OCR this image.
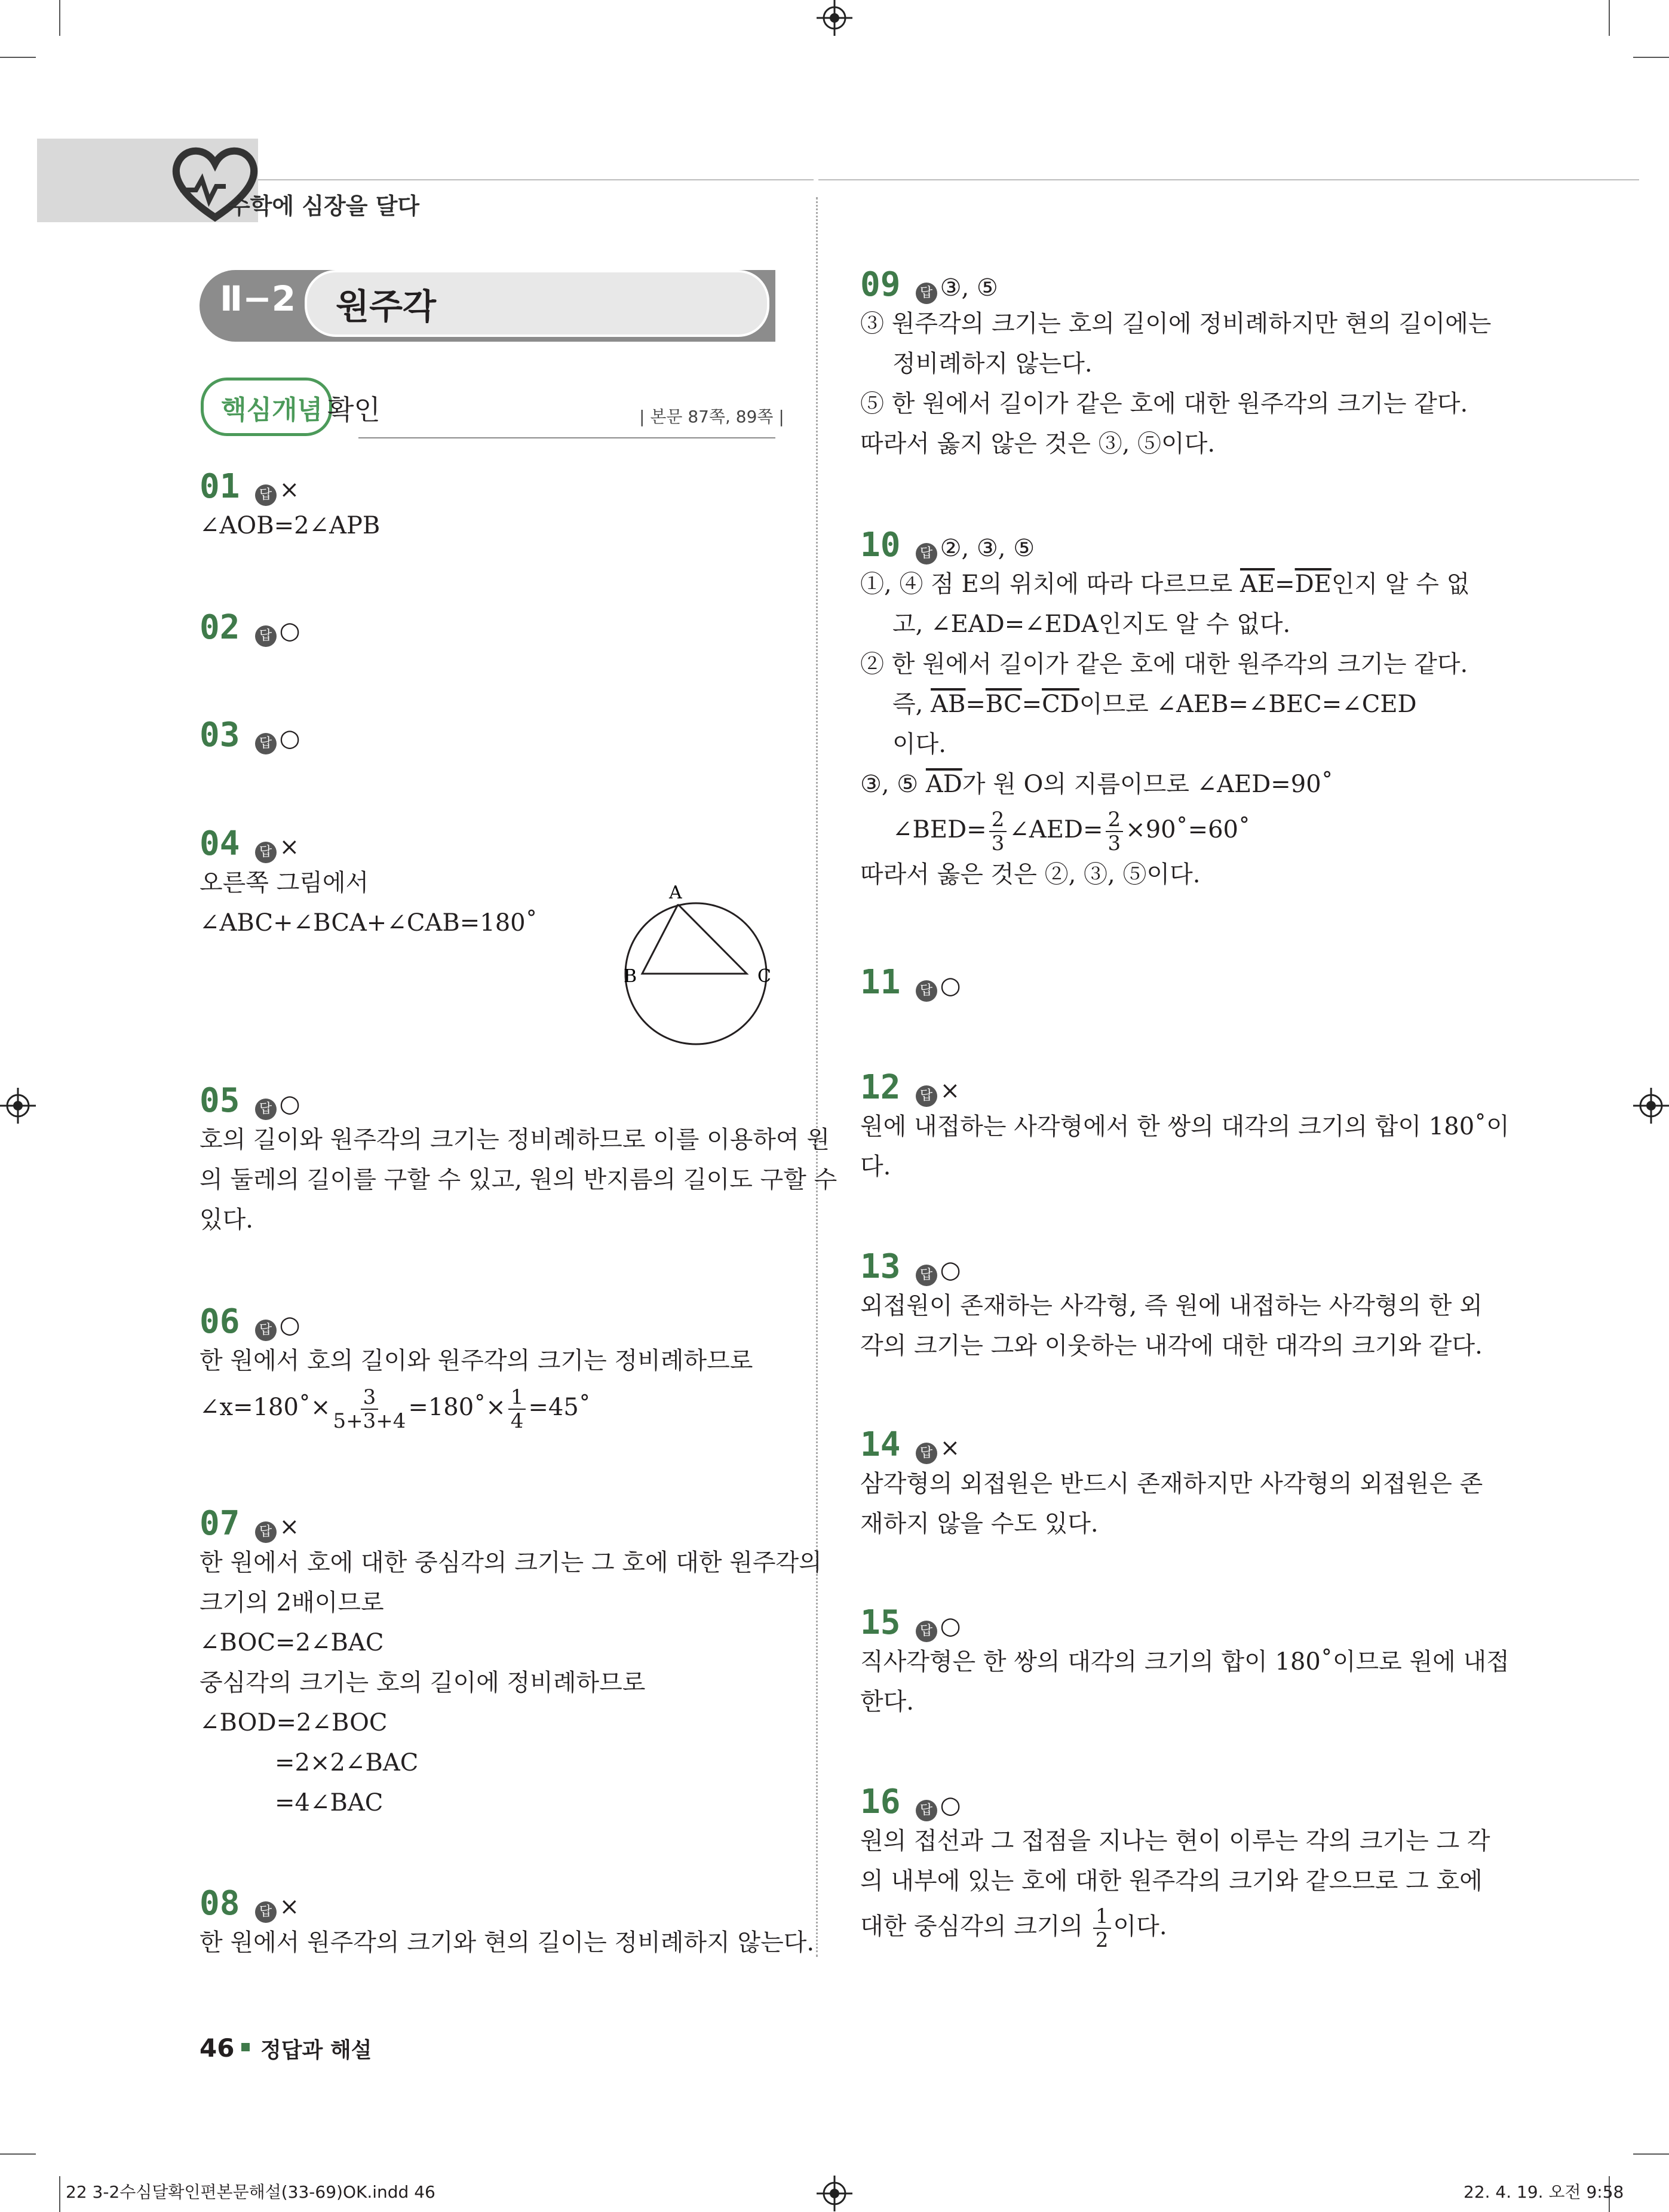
수학에 심장을 달다
Ⅱ−2 원주각
핵심개념 확인	| 본문 87쪽, 89쪽 |
01 답 ×
∠AOB=2∠APB
02 답 ○
03 답 ○
04 답 ×
오른쪽 그림에서
∠ABC+∠BCA+∠CAB=180˚
A
B	C
05 답 ○
호의 길이와 원주각의 크기는 정비례하므로 이를 이용하여 원
의 둘레의 길이를 구할 수 있고, 원의 반지름의 길이도 구할 수
있다.
06 답 ○
한 원에서 호의 길이와 원주각의 크기는 정비례하므로
∠x=180˚× $\frac{3}{5+3+4}$ =180˚× $\frac{1}{4}$ =45˚
07 답 ×
한 원에서 호에 대한 중심각의 크기는 그 호에 대한 원주각의
크기의 2배이므로
∠BOC=2∠BAC
중심각의 크기는 호의 길이에 정비례하므로
∠BOD=2∠BOC
=2×2∠BAC
=4∠BAC
08 답 ×
한 원에서 원주각의 크기와 현의 길이는 정비례하지 않는다.
09 답 ③, ⑤
③ 원주각의 크기는 호의 길이에 정비례하지만 현의 길이에는
정비례하지 않는다.
⑤ 한 원에서 길이가 같은 호에 대한 원주각의 크기는 같다.
따라서 옳지 않은 것은 ③, ⑤이다.
10 답 ②, ③, ⑤
①, ④ 점 E의 위치에 따라 다르므로 $\overline{AE}=\overline{DE}$인지 알 수 없
고, ∠EAD=∠EDA인지도 알 수 없다.
② 한 원에서 길이가 같은 호에 대한 원주각의 크기는 같다.
즉, $\overline{AB}=\overline{BC}=\overline{CD}$이므로 ∠AEB=∠BEC=∠CED
이다.
③, ⑤ $\overline{AD}$가 원 O의 지름이므로 ∠AED=90˚
∠BED= $\frac{2}{3}$ ∠AED= $\frac{2}{3}$ ×90˚=60˚
따라서 옳은 것은 ②, ③, ⑤이다.
11 답 ○
12 답 ×
원에 내접하는 사각형에서 한 쌍의 대각의 크기의 합이 180˚이
다.
13 답 ○
외접원이 존재하는 사각형, 즉 원에 내접하는 사각형의 한 외
각의 크기는 그와 이웃하는 내각에 대한 대각의 크기와 같다.
14 답 ×
삼각형의 외접원은 반드시 존재하지만 사각형의 외접원은 존
재하지 않을 수도 있다.
15 답 ○
직사각형은 한 쌍의 대각의 크기의 합이 180˚이므로 원에 내접
한다.
16 답 ○
원의 접선과 그 접점을 지나는 현이 이루는 각의 크기는 그 각
의 내부에 있는 호에 대한 원주각의 크기와 같으므로 그 호에
대한 중심각의 크기의 $\frac{1}{2}$ 이다.
46 정답과 해설
22 3-2수심달확인편본문해설(33-69)OK.indd 46	22. 4. 19. 오전 9:58
